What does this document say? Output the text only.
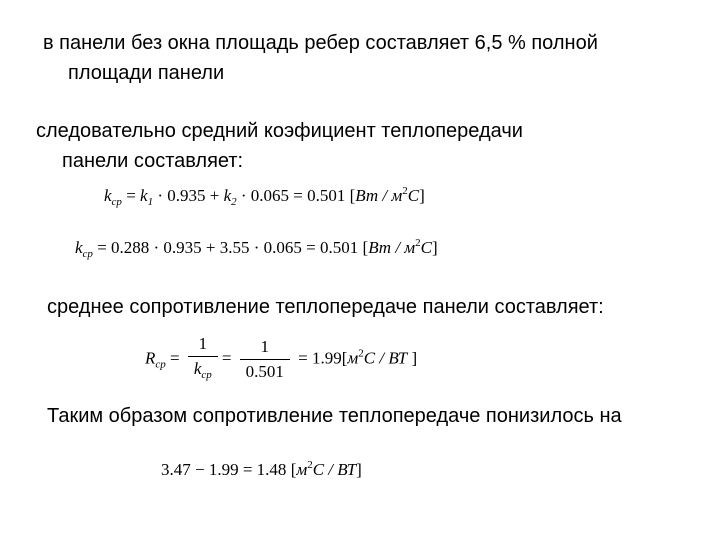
в панели без окна площадь ребер составляет 6,5 % полной
площади панели
следовательно средний коэфициент теплопередачи
панели составляет:
$k_{ср} = k_1 \cdot 0.935 + k_2 \cdot 0.065 = 0.501$ $[Вт / м^2С]$
$k_{ср} = 0.288 \cdot 0.935 + 3.55 \cdot 0.065 = 0.501$ $[Вт / м^2С]$
среднее сопротивление теплопередаче панели составляет:
$R_{ср} = \frac{1}{k_{ср}} = \frac{1}{0.501} = 1.99[м^2С$ / ВТ ]
Таким образом сопротивление теплопередаче понизилось на
3.47 − 1.99 = 1.48 $[м^2С / ВТ]$
